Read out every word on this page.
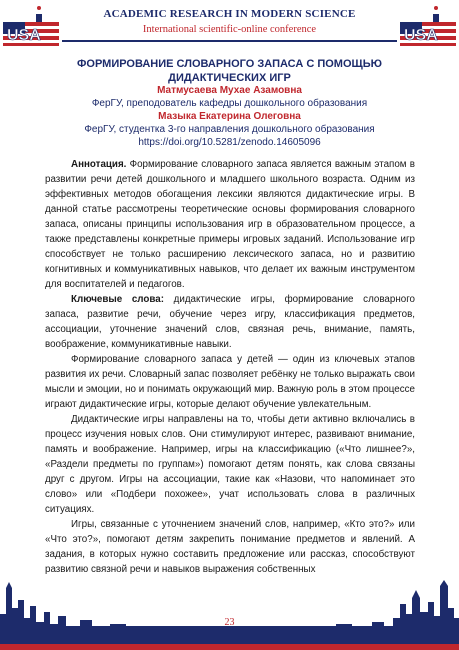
USA
ACADEMIC RESEARCH IN MODERN SCIENCE
International scientific-online conference	USA
ФОРМИРОВАНИЕ СЛОВАРНОГО ЗАПАСА С ПОМОЩЬЮ ДИДАКТИЧЕСКИХ ИГР
Матмусаева Мухае Азамовна
ФерГУ, преподователь кафедры дошкольного образования
Мазыка Екатерина Олеговна
ФерГУ, студентка 3-го направления дошкольного образования
https://doi.org/10.5281/zenodo.14605096

Аннотация. Формирование словарного запаса является важным этапом в развитии речи детей дошкольного и младшего школьного возраста. Одним из эффективных методов обогащения лексики являются дидактические игры. В данной статье рассмотрены теоретические основы формирования словарного запаса, описаны принципы использования игр в образовательном процессе, а также представлены конкретные примеры игровых заданий. Использование игр способствует не только расширению лексического запаса, но и развитию когнитивных и коммуникативных навыков, что делает их важным инструментом для воспитателей и педагогов.

Ключевые слова: дидактические игры, формирование словарного запаса, развитие речи, обучение через игру, классификация предметов, ассоциации, уточнение значений слов, связная речь, внимание, память, воображение, коммуникативные навыки.

Формирование словарного запаса у детей — один из ключевых этапов развития их речи. Словарный запас позволяет ребёнку не только выражать свои мысли и эмоции, но и понимать окружающий мир. Важную роль в этом процессе играют дидактические игры, которые делают обучение увлекательным.

Дидактические игры направлены на то, чтобы дети активно включались в процесс изучения новых слов. Они стимулируют интерес, развивают внимание, память и воображение. Например, игры на классификацию («Что лишнее?», «Раздели предметы по группам») помогают детям понять, как слова связаны друг с другом. Игры на ассоциации, такие как «Назови, что напоминает это слово» или «Подбери похожее», учат использовать слова в различных ситуациях.

Игры, связанные с уточнением значений слов, например, «Кто это?» или «Что это?», помогают детям закрепить понимание предметов и явлений. А задания, в которых нужно составить предложение или расскaз, способствуют развитию связной речи и навыков выражения собственных

23
